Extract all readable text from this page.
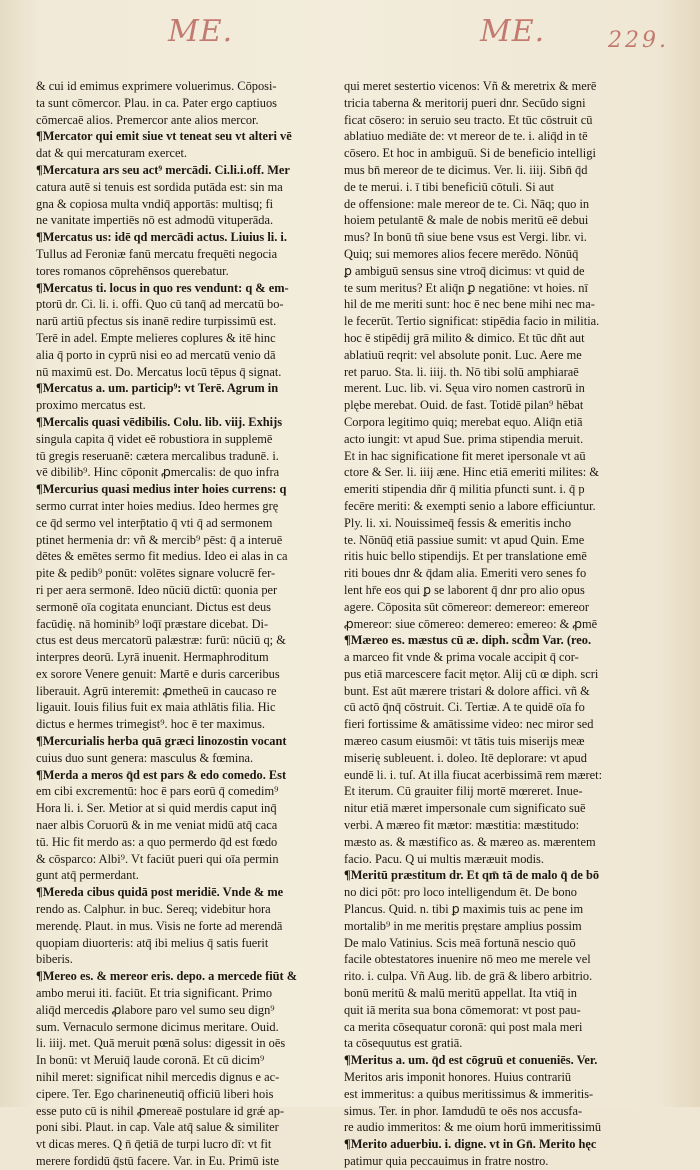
ME.	ME.	229.
& cui id emimus exprimere voluerimus. Cōposi-
ta sunt cōmercor. Plau. in ca. Pater ergo captiuos
cōmercaē alios. Premercor ante alios mercor.
¶Mercator qui emit siue vt teneat seu vt alteri vē
dat & qui mercaturam exercet.
¶Mercatura ars seu act⁹ mercādi. Ci.li.i.off. Mer
catura autē si tenuis est sordida putāda est: sin ma
gna & copiosa multa vndiq̄ apportās: multisq; fi
ne vanitate impertiēs nō est admodū vituperāda.
¶Mercatus us: idē qd mercādi actus. Liuius li. i.
Tullus ad Feroniæ fanū mercatu frequēti negocia
tores romanos cōprehēnsos querebatur.
¶Mercatus ti. locus in quo res vendunt: q & em-
ptorū dr. Ci. li. i. offi. Quo cū tanq̄ ad mercatū bo-
narū artiū pfectus sis inanē redire turpissimū est.
Terē in adel. Empte melieres coplures & itē hinc
alia q̄ porto in cyprū nisi eo ad mercatū venio dā
nū maximū est. Do. Mercatus locū tēpus q̄ signat.
¶Mercatus a. um. particip⁹: vt Terē. Agrum in
proximo mercatus est.
¶Mercalis quasi vēdibilis. Colu. lib. viij. Exhijs
singula capita q̄ videt eē robustiora in supplemē
tū gregis reseruanē: cætera mercalibus tradunē. i.
vē dibilib⁹. Hinc cōponit ꝓmercalis: de quo infra
¶Mercurius quasi medius inter hoies currens: q
sermo currat inter hoies medius. Ideo hermes grę
ce q̄d sermo vel interp̄tatio q̄ vti q̄ ad sermonem
ptinet hermenia dr: vñ & mercib⁹ pēst: q̄ a interuē
dētes & emētes sermo fit medius. Ideo ei alas in ca
pite & pedib⁹ ponūt: volētes signare volucrē fer-
ri per aera sermonē. Ideo nūciū dictū: quonia per
sermonē oīa cogitata enunciant. Dictus est deus
facūdię. nā hominib⁹ loq̄ī præstare dicebat. Di-
ctus est deus mercatorū palæstræ: furū: nūciū q; &
interpres deorū. Lyrā inuenit. Hermaphroditum
ex sorore Venere genuit: Martē e duris carceribus
liberauit. Agrū interemit: ꝓmetheū in caucaso re
ligauit. Iouis filius fuit ex maia athlātis filia. Hic
dictus e hermes trimegist⁹. hoc ē ter maximus.
¶Mercurialis herba quā græci linozostin vocant
cuius duo sunt genera: masculus & fœmina.
¶Merda a meros q̄d est pars & edo comedo. Est
em cibi excrementū: hoc ē pars eorū q̄ comedim⁹
Hora li. i. Ser. Metior at si quid merdis caput inq̄
naer albis Coruorū & in me veniat midū atq̄ caca
tū. Hic fit merdo as: a quo permerdo q̄d est fœdo
& cōsparco: Albi⁹. Vt faciūt pueri qui oīa permin
gunt atq̄ permerdant.
¶Mereda cibus quidā post meridiē. Vnde & me
rendo as. Calphur. in buc. Sereq; videbitur hora
merendę. Plaut. in mus. Visis ne forte ad merendā
quopiam diuorteris: atq̄ ibi melius q̄ satis fuerit
biberis.
¶Mereo es. & mereor eris. depo. a mercede fiūt &
ambo merui iti. faciūt. Et tria significant. Primo
aliq̄d mercedis ꝓlabore paro vel sumo seu dign⁹
sum. Vernaculo sermone dicimus meritare. Ouid.
li. iiij. met. Quā meruit pœnā solus: digessit in oēs
In bonū: vt Meruiq̄ laude coronā. Et cū dicim⁹
nihil meret: significat nihil mercedis dignus e ac-
cipere. Ter. Ego charineneutiq̄ officiū liberi hois
esse puto cū is nihil ꝓmereaē postulare id grǽ ap-
poni sibi. Plaut. in cap. Vale atq̄ salue & similiter
vt dicas meres. Q n̄ q̄etiā de turpi lucro dī: vt fit
merere fordidū q̄stū facere. Var. in Eu. Primū iste
qui meret sestertio vicenos: Vñ & meretrix & merē
tricia taberna & meritorij pueri dnr. Secūdo signi
ficat cōsero: in seruio seu tracto. Et tūc cōstruit cū
ablatiuo mediāte de: vt mereor de te. i. aliq̄d in tē
cōsero. Et hoc in ambiguū. Si de beneficio intelligi
mus bn̄ mereor de te dicimus. Ver. li. iiij. Sibn̄ q̄d
de te merui. i. ī tibi beneficiū cōtuli. Si aut
de offensione: male mereor de te. Ci. Nāq; quo in
hoiem petulantē & male de nobis meritū eē debui
mus? In bonū tñ siue bene vsus est Vergi. libr. vi.
Quiq; sui memores alios fecere merēdo. Nōnūq̄
ꝑ ambiguū sensus sine vtroq̄ dicimus: vt quid de
te sum meritus? Et aliq̄n ꝑ negatiōne: vt hoies. nī
hil de me meriti sunt: hoc ē nec bene mihi nec ma-
le fecerūt. Tertio significat: stipēdia facio in militia.
hoc ē stipēdij grā milito & dimico. Et tūc dñt aut
ablatiuū reqrit: vel absolute ponit. Luc. Aere me
ret paruo. Sta. li. iiij. th. Nō tibi solū amphiaraē
merent. Luc. lib. vi. Sęua viro nomen castrorū in
plębe merebat. Ouid. de fast. Totidē pilan⁹ hēbat
Corpora legitimo quiq; merebat equo. Aliq̄n etiā
acto iungit: vt apud Sue. prima stipendia meruit.
Et in hac significatione fit meret ipersonale vt aū
ctore & Ser. li. iiij æne. Hinc etiā emeriti milites: &
emeriti stipendia dñr q̄ militia pfuncti sunt. i. q̄ p
fecēre meriti: & exempti senio a labore efficiuntur.
Ply. li. xi. Nouissimeq̄ fessis & emeritis incho
te. Nōnūq̄ etiā passiue sumit: vt apud Quin. Eme
ritis huic bello stipendijs. Et per translatione emē
riti boues dnr & q̄dam alia. Emeriti vero senes fo
lent hr̄e eos qui ꝑ se laborent q̄ dnr pro alio opus
agere. Cōposita sūt cōmereor: demereor: emereor
ꝓmereor: siue cōmereo: demereo: emereo: & ꝓmē
¶Mæreo es. mæstus cū æ. diph. scd̄m Var. (reo.
a marceo fit vnde & prima vocale accipit q̄ cor-
pus etiā marcescere facit mętor. Alij cū œ diph. scri
bunt. Est aūt mærere tristari & dolore affici. vñ &
cū actō q̄nq̄ cōstruit. Ci. Tertiæ. A te quidē oīa fo
fieri fortissime & amātissime video: nec miror sed
mæreo casum eiusmōi: vt tātis tuis miserijs meæ
miserię subleuent. i. doleo. Itē deplorare: vt apud
eundē li. i. tuſ. At illa fiucat acerbissimā rem mæret:
Et iterum. Cū grauiter filij mortē mœreret. Inue-
nitur etiā mæret impersonale cum significato suē
verbi. A mæreo fit mætor: mæstitia: mæstitudo:
mæsto as. & mæstifico as. & mæreo as. mærentem
facio. Pacu. Q ui multis mæræuit modis.
¶Meritū præstitum dr. Et qm̄ tā de malo q̄ de bō
no dici pōt: pro loco intelligendum ēt. De bono
Plancus. Quid. n. tibi ꝑ maximis tuis ac pene im
mortalib⁹ in me meritis pręstare amplius possim
De malo Vatinius. Scis meā fortunā nescio quō
facile obtestatores inuenire nō meo me merele vel
rito. i. culpa. Vñ Aug. lib. de grā & libero arbitrio.
bonū meritū & malū meritū appellat. Ita vtiq̄ in
quit iā merita sua bona cōmemorat: vt post pau-
ca merita cōsequatur coronā: qui post mala meri
ta cōsequutus est gratiā.
¶Meritus a. um. q̄d est cōgruū et conueniēs. Ver.
Meritos aris imponit honores. Huius contrariū
est immeritus: a quibus meritissimus & immeritis-
simus. Ter. in phor. Iamdudū te oēs nos accusfa-
re audio immeritos: & me oium horū immeritissimū
¶Merito aduerbiu. i. digne. vt in Gn̄. Merito hęc
patimur quia peccauimus in fratre nostro.
